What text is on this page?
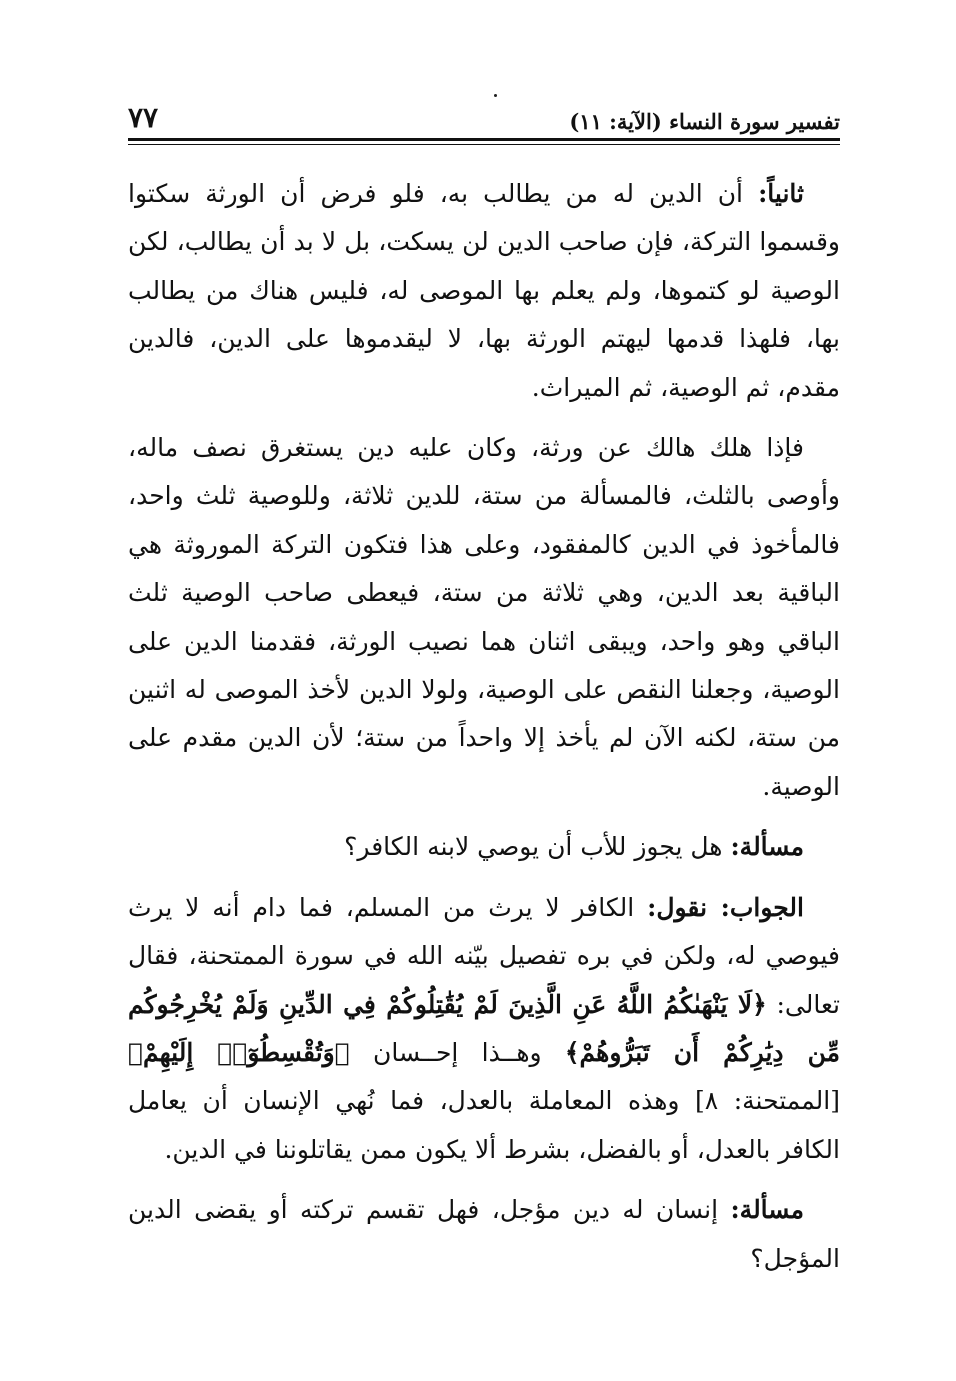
تفسير سورة النساء (الآية: ١١)
٧٧

ثانياً: أن الدين له من يطالب به، فلو فرض أن الورثة سكتوا وقسموا التركة، فإن صاحب الدين لن يسكت، بل لا بد أن يطالب، لكن الوصية لو كتموها، ولم يعلم بها الموصى له، فليس هناك من يطالب بها، فلهذا قدمها ليهتم الورثة بها، لا ليقدموها على الدين، فالدين مقدم، ثم الوصية، ثم الميراث.

فإذا هلك هالك عن ورثة، وكان عليه دين يستغرق نصف ماله، وأوصى بالثلث، فالمسألة من ستة، للدين ثلاثة، وللوصية ثلث واحد، فالمأخوذ في الدين كالمفقود، وعلى هذا فتكون التركة الموروثة هي الباقية بعد الدين، وهي ثلاثة من ستة، فيعطى صاحب الوصية ثلث الباقي وهو واحد، ويبقى اثنان هما نصيب الورثة، فقدمنا الدين على الوصية، وجعلنا النقص على الوصية، ولولا الدين لأخذ الموصى له اثنين من ستة، لكنه الآن لم يأخذ إلا واحداً من ستة؛ لأن الدين مقدم على الوصية.

مسألة: هل يجوز للأب أن يوصي لابنه الكافر؟

الجواب: نقول: الكافر لا يرث من المسلم، فما دام أنه لا يرث فيوصي له، ولكن في بره تفصيل بيّنه الله في سورة الممتحنة، فقال تعالى: ﴿لَا يَنْهَىٰكُمُ اللَّهُ عَنِ الَّذِينَ لَمْ يُقَٰتِلُوكُمْ فِي الدِّينِ وَلَمْ يُخْرِجُوكُم مِّن دِيَٰرِكُمْ أَن تَبَرُّوهُمْ﴾ وهــذا إحــسان ﴿وَتُقْسِطُوٓا۟ إِلَيْهِمْ﴾ [الممتحنة: ٨] وهذه المعاملة بالعدل، فما نُهي الإنسان أن يعامل الكافر بالعدل، أو بالفضل، بشرط ألا يكون ممن يقاتلوننا في الدين.

مسألة: إنسان له دين مؤجل، فهل تقسم تركته أو يقضى الدين المؤجل؟
